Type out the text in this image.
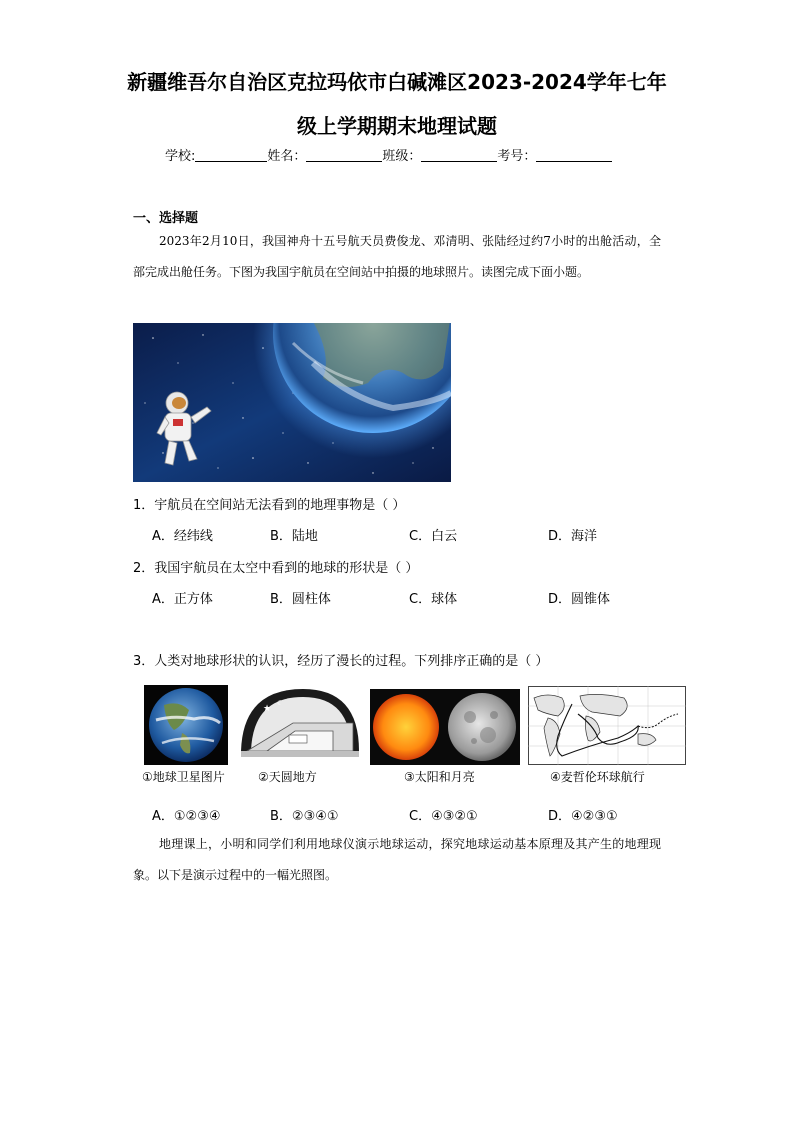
新疆维吾尔自治区克拉玛依市白碱滩区2023-2024学年七年
级上学期期末地理试题
学校:	姓名：	班级：	考号：
一、选择题
2023年2月10日，我国神舟十五号航天员费俊龙、邓清明、张陆经过约7小时的出舱活动，全部完成出舱任务。下图为我国宇航员在空间站中拍摄的地球照片。读图完成下面小题。
1．宇航员在空间站无法看到的地理事物是（ ）
A．经纬线	B．陆地	C．白云	D．海洋
2．我国宇航员在太空中看到的地球的形状是（ ）
A．正方体	B．圆柱体	C．球体	D．圆锥体
3．人类对地球形状的认识，经历了漫长的过程。下列排序正确的是（ ）
★
☾
①地球卫星图片	②天圆地方	③太阳和月亮	④麦哲伦环球航行
A．①②③④	B．②③④①	C．④③②①	D．④②③①
地理课上，小明和同学们利用地球仪演示地球运动，探究地球运动基本原理及其产生的地理现象。以下是演示过程中的一幅光照图。
